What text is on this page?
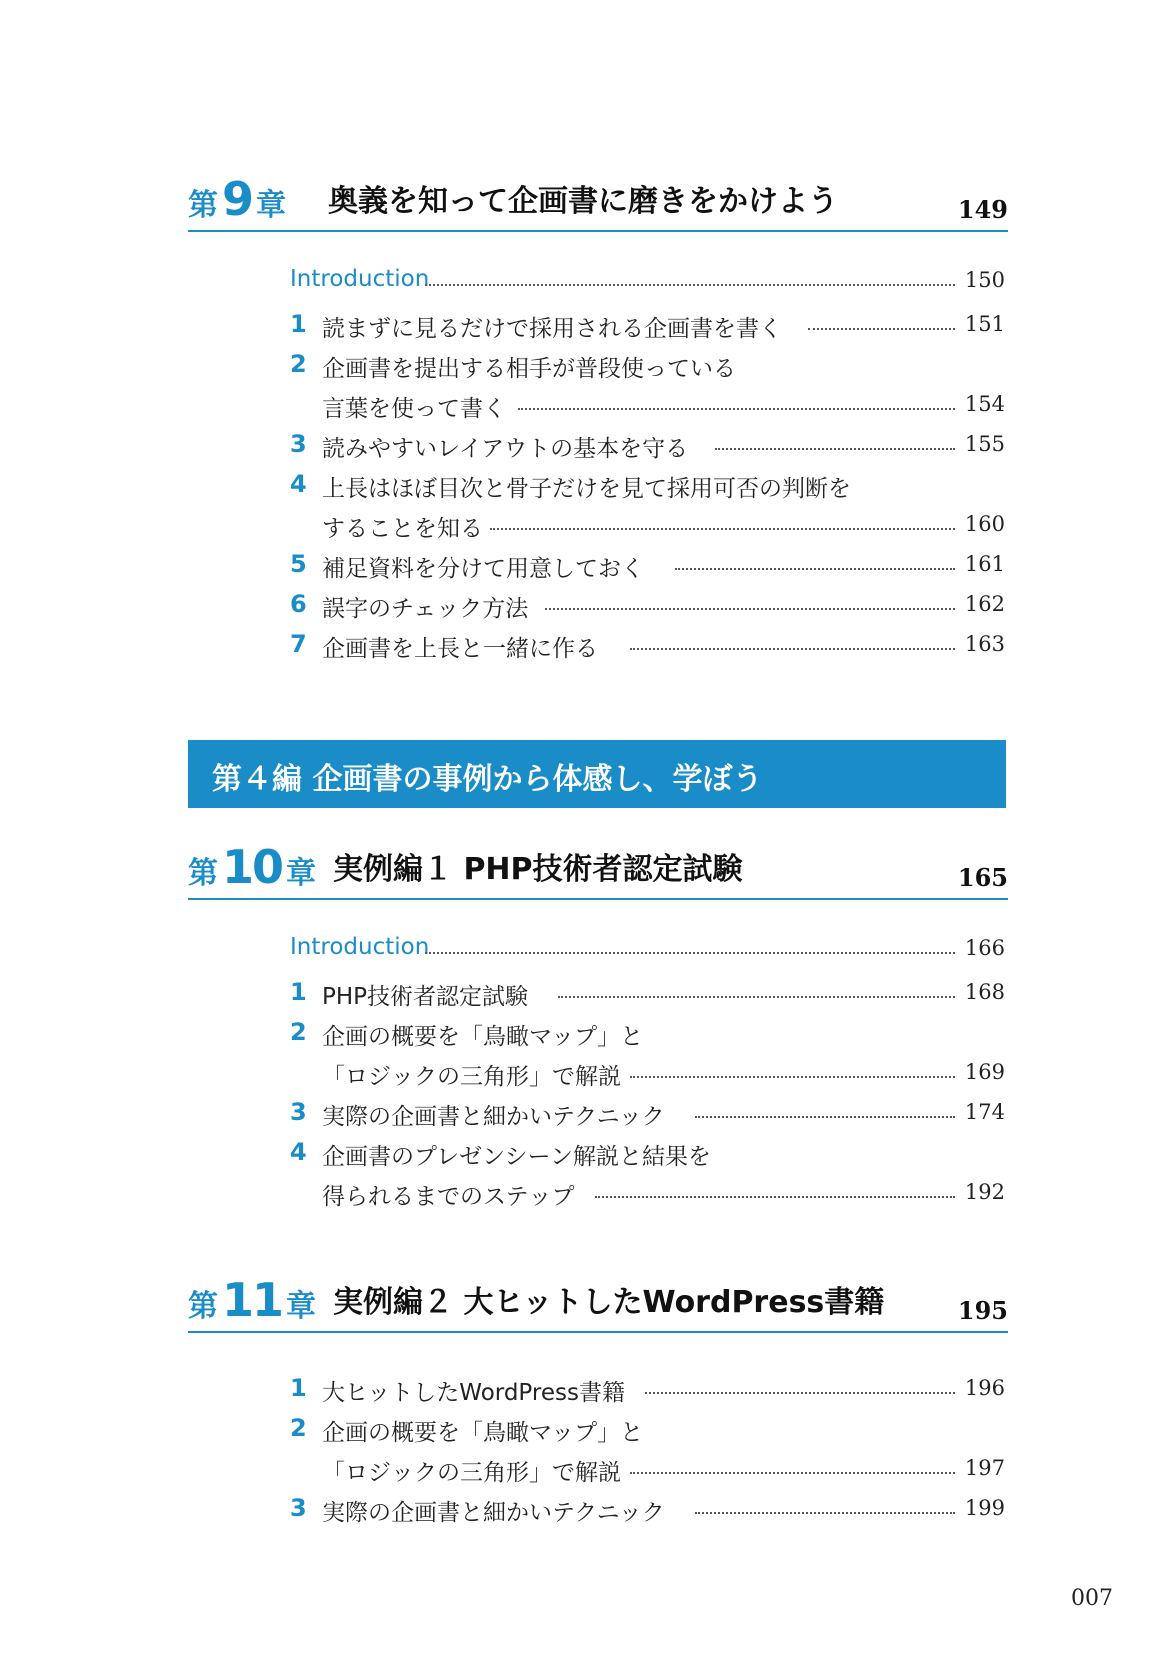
第9 章 奥義を知って企画書に磨きをかけよう	149
Introduction	150
1 読まずに見るだけで採用される企画書を書く	151
2 企画書を提出する相手が普段使っている
言葉を使って書く	154
3 読みやすいレイアウトの基本を守る	155
4 上長はほぼ目次と骨子だけを見て採用可否の判断を
することを知る	160
5 補足資料を分けて用意しておく	161
6 誤字のチェック方法	162
7 企画書を上長と一緒に作る	163
第４編 企画書の事例から体感し、学ぼう
第10 章 実例編１ PHP技術者認定試験	165
Introduction	166
1 PHP技術者認定試験	168
2 企画の概要を「鳥瞰マップ」と
「ロジックの三角形」で解説	169
3 実際の企画書と細かいテクニック	174
4 企画書のプレゼンシーン解説と結果を
得られるまでのステップ	192
第11 章 実例編２ 大ヒットしたWordPress書籍	195
1 大ヒットしたWordPress書籍	196
2 企画の概要を「鳥瞰マップ」と
「ロジックの三角形」で解説	197
3 実際の企画書と細かいテクニック	199
007
